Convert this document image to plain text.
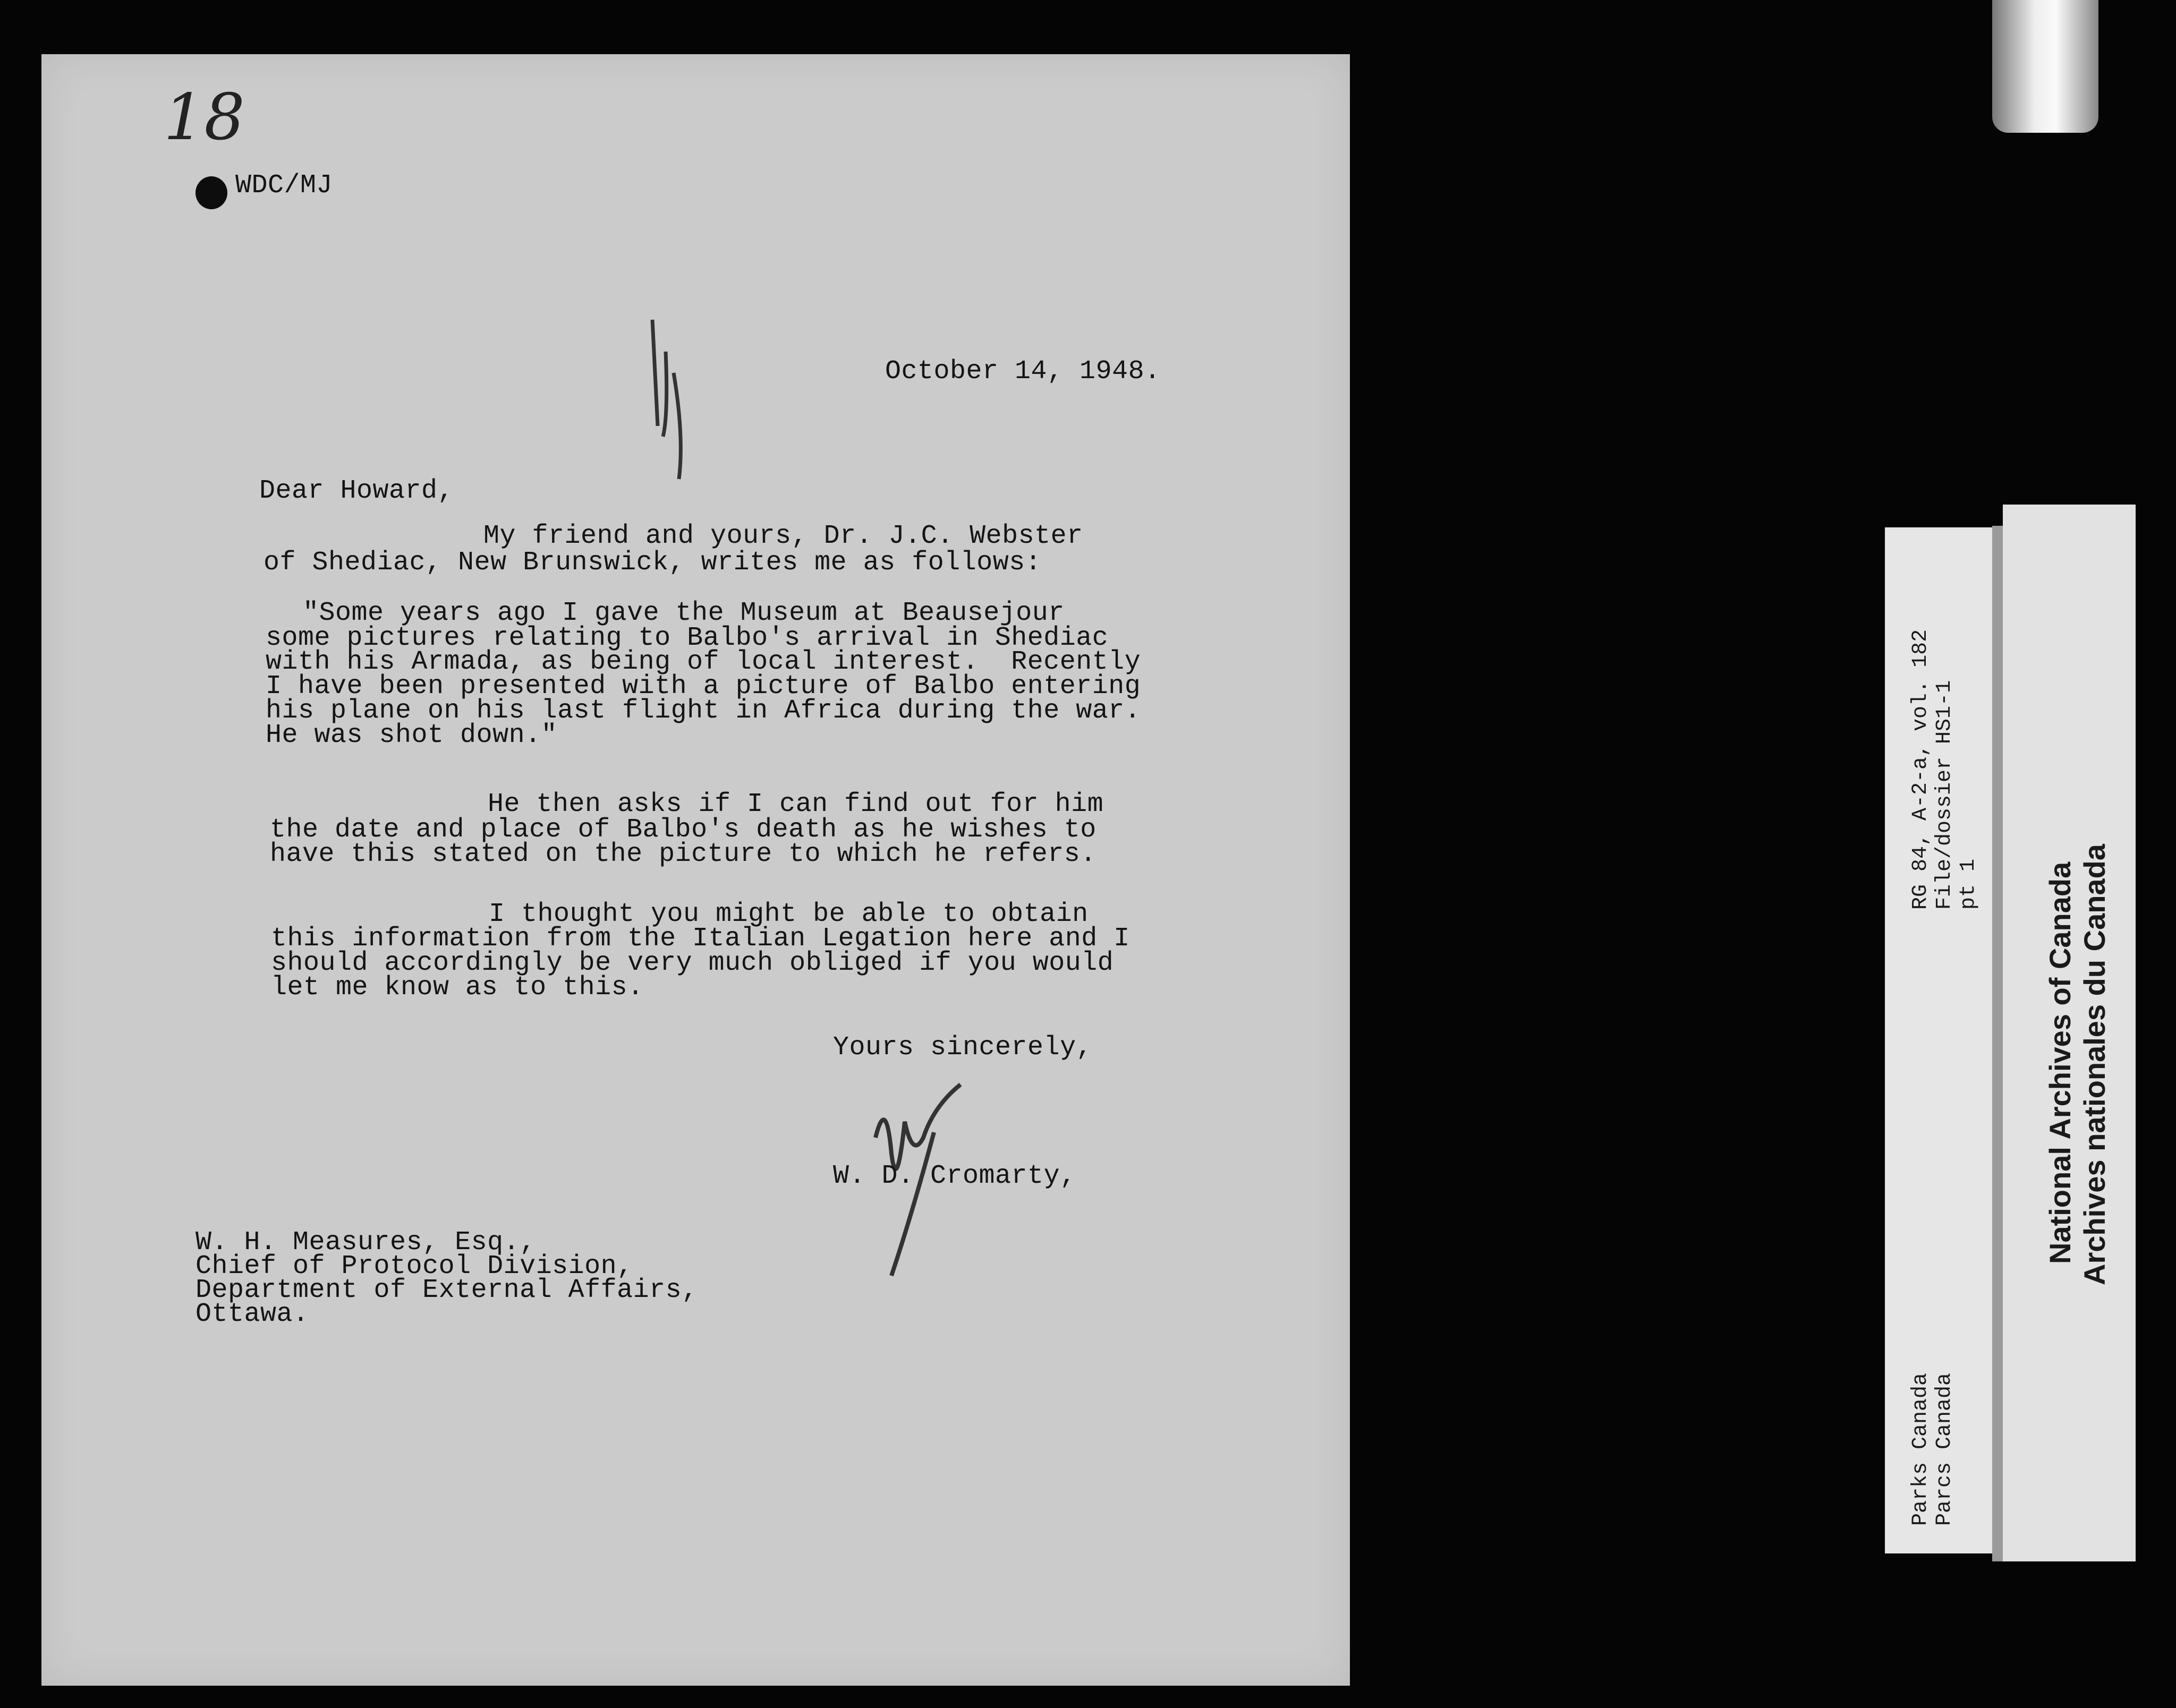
18
WDC/MJ
October 14, 1948.
Dear Howard,
My friend and yours, Dr. J.C. Webster
of Shediac, New Brunswick, writes me as follows:
"Some years ago I gave the Museum at Beausejour
some pictures relating to Balbo's arrival in Shediac
with his Armada, as being of local interest.  Recently
I have been presented with a picture of Balbo entering
his plane on his last flight in Africa during the war.
He was shot down."
He then asks if I can find out for him
the date and place of Balbo's death as he wishes to
have this stated on the picture to which he refers.
I thought you might be able to obtain
this information from the Italian Legation here and I
should accordingly be very much obliged if you would
let me know as to this.
Yours sincerely,
W. D. Cromarty,
W. H. Measures, Esq.,
Chief of Protocol Division,
Department of External Affairs,
Ottawa.
RG 84, A-2-a, vol. 182 File/dossier HS1-1 pt 1
Parks Canada Parcs Canada
National Archives of Canada Archives nationales du Canada
